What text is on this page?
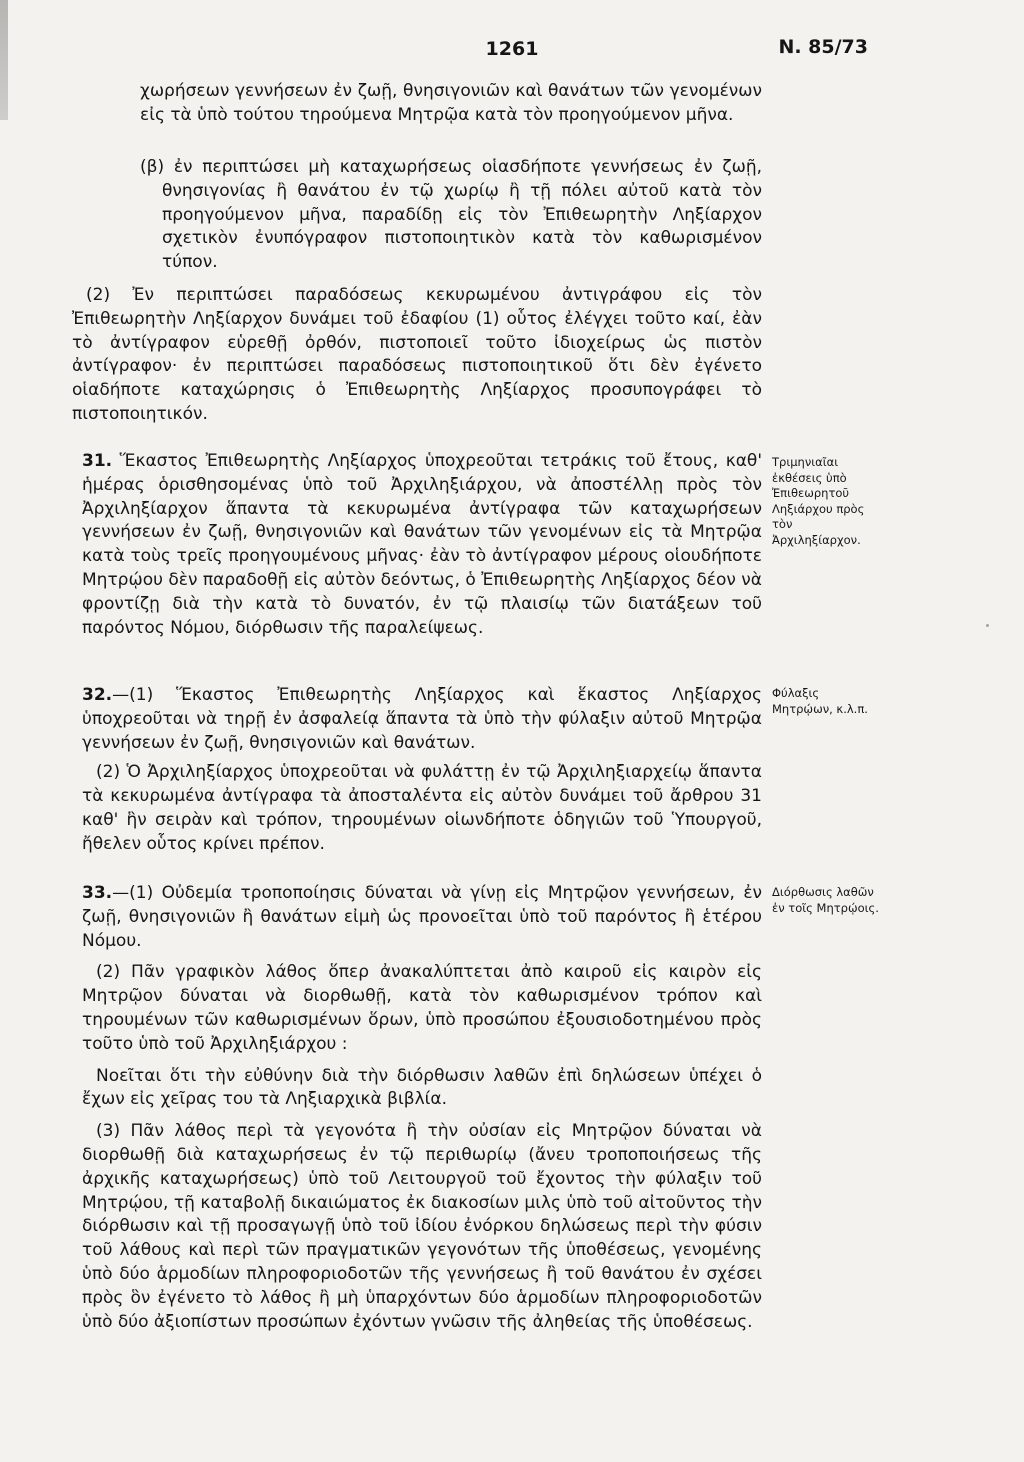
1261	Ν. 85/73

χωρήσεων γεννήσεων ἐν ζωῇ, θνησιγονιῶν καὶ θανάτων τῶν γενομένων εἰς τὰ ὑπὸ τούτου τηρούμενα Μητρῷα κατὰ τὸν προηγούμενον μῆνα.

(β) ἐν περιπτώσει μὴ καταχωρήσεως οἱασδήποτε γεννήσεως ἐν ζωῇ, θνησιγονίας ἢ θανάτου ἐν τῷ χωρίῳ ἢ τῇ πόλει αὐτοῦ κατὰ τὸν προηγούμενον μῆνα, παραδίδῃ εἰς τὸν Ἐπιθεωρητὴν Ληξίαρχον σχετικὸν ἐνυπόγραφον πιστοποιητικὸν κατὰ τὸν καθωρισμένον τύπον.

(2) Ἐν περιπτώσει παραδόσεως κεκυρωμένου ἀντιγράφου εἰς τὸν Ἐπιθεωρητὴν Ληξίαρχον δυνάμει τοῦ ἐδαφίου (1) οὗτος ἐλέγχει τοῦτο καί, ἐὰν τὸ ἀντίγραφον εὑρεθῇ ὀρθόν, πιστοποιεῖ τοῦτο ἰδιοχείρως ὡς πιστὸν ἀντίγραφον· ἐν περιπτώσει παραδόσεως πιστοποιητικοῦ ὅτι δὲν ἐγένετο οἱαδήποτε καταχώρησις ὁ Ἐπιθεωρητὴς Ληξίαρχος προσυπογράφει τὸ πιστοποιητικόν.

31. Ἕκαστος Ἐπιθεωρητὴς Ληξίαρχος ὑποχρεοῦται τετράκις τοῦ ἔτους, καθ' ἡμέρας ὁρισθησομένας ὑπὸ τοῦ Ἀρχιληξιάρχου, νὰ ἀποστέλλῃ πρὸς τὸν Ἀρχιληξίαρχον ἅπαντα τὰ κεκυρωμένα ἀντίγραφα τῶν καταχωρήσεων γεννήσεων ἐν ζωῇ, θνησιγονιῶν καὶ θανάτων τῶν γενομένων εἰς τὰ Μητρῷα κατὰ τοὺς τρεῖς προηγουμένους μῆνας· ἐὰν τὸ ἀντίγραφον μέρους οἱουδήποτε Μητρῴου δὲν παραδοθῇ εἰς αὐτὸν δεόντως, ὁ Ἐπιθεωρητὴς Ληξίαρχος δέον νὰ φροντίζῃ διὰ τὴν κατὰ τὸ δυνατόν, ἐν τῷ πλαισίῳ τῶν διατάξεων τοῦ παρόντος Νόμου, διόρθωσιν τῆς παραλείψεως.

32.—(1) Ἕκαστος Ἐπιθεωρητὴς Ληξίαρχος καὶ ἕκαστος Ληξίαρχος ὑποχρεοῦται νὰ τηρῇ ἐν ἀσφαλείᾳ ἅπαντα τὰ ὑπὸ τὴν φύλαξιν αὐτοῦ Μητρῷα γεννήσεων ἐν ζωῇ, θνησιγονιῶν καὶ θανάτων.

(2) Ὁ Ἀρχιληξίαρχος ὑποχρεοῦται νὰ φυλάττῃ ἐν τῷ Ἀρχιληξιαρχείῳ ἅπαντα τὰ κεκυρωμένα ἀντίγραφα τὰ ἀποσταλέντα εἰς αὐτὸν δυνάμει τοῦ ἄρθρου 31 καθ' ἣν σειρὰν καὶ τρόπον, τηρουμένων οἱωνδήποτε ὁδηγιῶν τοῦ Ὑπουργοῦ, ἤθελεν οὗτος κρίνει πρέπον.

33.—(1) Οὐδεμία τροποποίησις δύναται νὰ γίνῃ εἰς Μητρῷον γεννήσεων, ἐν ζωῇ, θνησιγονιῶν ἢ θανάτων εἰμὴ ὡς προνοεῖται ὑπὸ τοῦ παρόντος ἢ ἑτέρου Νόμου.

(2) Πᾶν γραφικὸν λάθος ὅπερ ἀνακαλύπτεται ἀπὸ καιροῦ εἰς καιρὸν εἰς Μητρῷον δύναται νὰ διορθωθῇ, κατὰ τὸν καθωρισμένον τρόπον καὶ τηρουμένων τῶν καθωρισμένων ὅρων, ὑπὸ προσώπου ἐξουσιοδοτημένου πρὸς τοῦτο ὑπὸ τοῦ Ἀρχιληξιάρχου :

Νοεῖται ὅτι τὴν εὐθύνην διὰ τὴν διόρθωσιν λαθῶν ἐπὶ δηλώσεων ὑπέχει ὁ ἔχων εἰς χεῖρας του τὰ Ληξιαρχικὰ βιβλία.

(3) Πᾶν λάθος περὶ τὰ γεγονότα ἢ τὴν οὐσίαν εἰς Μητρῷον δύναται νὰ διορθωθῇ διὰ καταχωρήσεως ἐν τῷ περιθωρίῳ (ἄνευ τροποποιήσεως τῆς ἀρχικῆς καταχωρήσεως) ὑπὸ τοῦ Λειτουργοῦ τοῦ ἔχοντος τὴν φύλαξιν τοῦ Μητρῴου, τῇ καταβολῇ δικαιώματος ἐκ διακοσίων μιλς ὑπὸ τοῦ αἰτοῦντος τὴν διόρθωσιν καὶ τῇ προσαγωγῇ ὑπὸ τοῦ ἰδίου ἐνόρκου δηλώσεως περὶ τὴν φύσιν τοῦ λάθους καὶ περὶ τῶν πραγματικῶν γεγονότων τῆς ὑποθέσεως, γενομένης ὑπὸ δύο ἁρμοδίων πληροφοριοδοτῶν τῆς γεννήσεως ἢ τοῦ θανάτου ἐν σχέσει πρὸς ὃν ἐγένετο τὸ λάθος ἢ μὴ ὑπαρχόντων δύο ἁρμοδίων πληροφοριοδοτῶν ὑπὸ δύο ἀξιοπίστων προσώπων ἐχόντων γνῶσιν τῆς ἀληθείας τῆς ὑποθέσεως.

Τριμηνιαῖαι ἐκθέσεις ὑπὸ Ἐπιθεωρητοῦ Ληξιάρχου πρὸς τὸν Ἀρχιληξίαρχον.
Φύλαξις Μητρῴων, κ.λ.π.
Διόρθωσις λαθῶν ἐν τοῖς Μητρῴοις.
